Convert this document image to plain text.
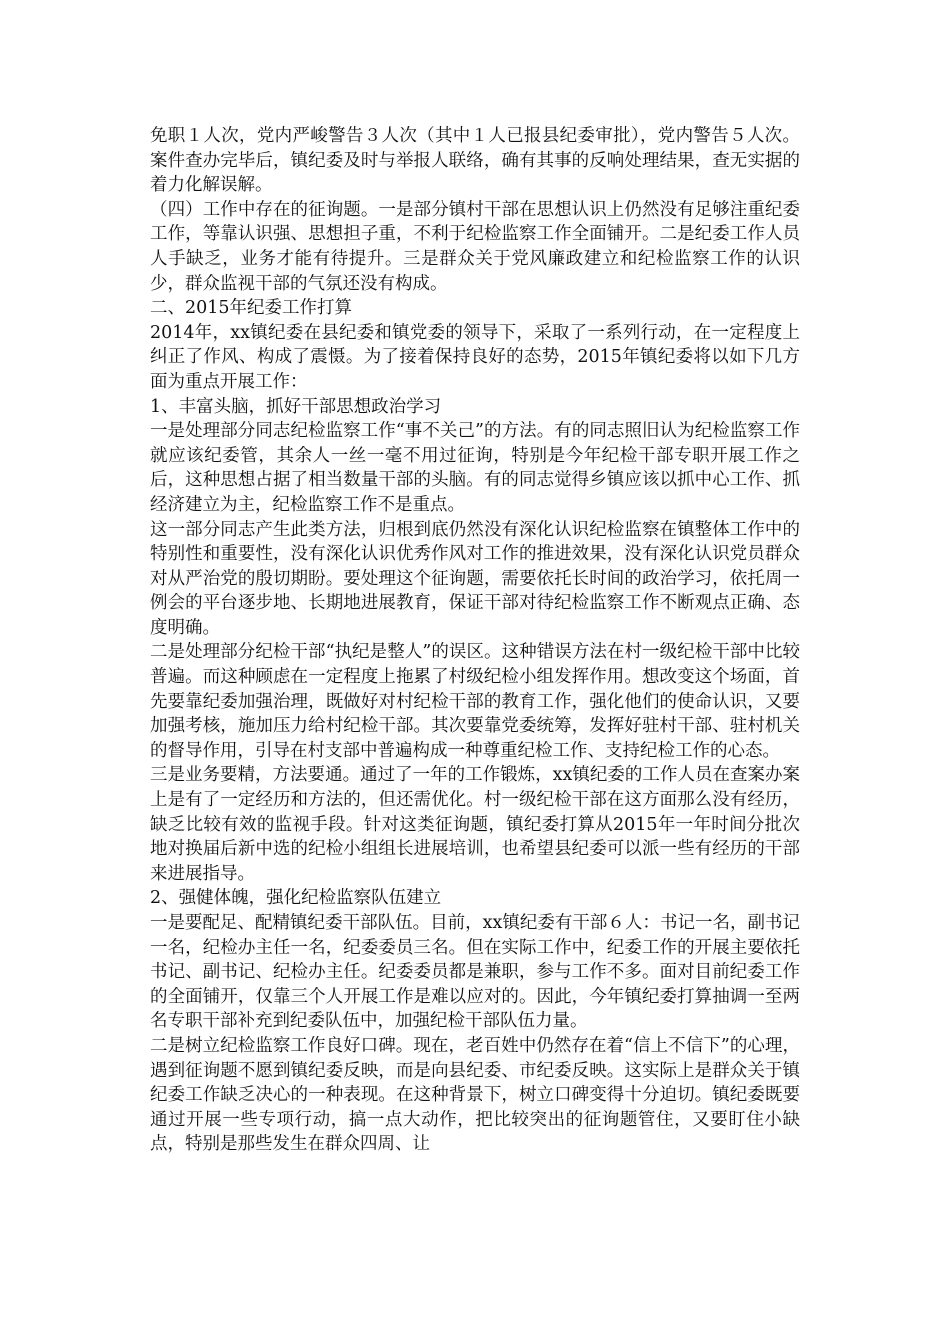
免职１人次，党内严峻警告３人次（其中１人已报县纪委审批），党内警告５人次。案件查办完毕后，镇纪委及时与举报人联络，确有其事的反响处理结果，查无实据的着力化解误解。

（四）工作中存在的征询题。一是部分镇村干部在思想认识上仍然没有足够注重纪委工作，等靠认识强、思想担子重，不利于纪检监察工作全面铺开。二是纪委工作人员人手缺乏，业务才能有待提升。三是群众关于党风廉政建立和纪检监察工作的认识少，群众监视干部的气氛还没有构成。

二、2015年纪委工作打算

2014年，xx镇纪委在县纪委和镇党委的领导下，采取了一系列行动，在一定程度上纠正了作风、构成了震慑。为了接着保持良好的态势，2015年镇纪委将以如下几方面为重点开展工作：

1、丰富头脑，抓好干部思想政治学习

一是处理部分同志纪检监察工作“事不关己”的方法。有的同志照旧认为纪检监察工作就应该纪委管，其余人一丝一毫不用过征询，特别是今年纪检干部专职开展工作之后，这种思想占据了相当数量干部的头脑。有的同志觉得乡镇应该以抓中心工作、抓经济建立为主，纪检监察工作不是重点。

这一部分同志产生此类方法，归根到底仍然没有深化认识纪检监察在镇整体工作中的特别性和重要性，没有深化认识优秀作风对工作的推进效果，没有深化认识党员群众对从严治党的殷切期盼。要处理这个征询题，需要依托长时间的政治学习，依托周一例会的平台逐步地、长期地进展教育，保证干部对待纪检监察工作不断观点正确、态度明确。

二是处理部分纪检干部“执纪是整人”的误区。这种错误方法在村一级纪检干部中比较普遍。而这种顾虑在一定程度上拖累了村级纪检小组发挥作用。想改变这个场面，首先要靠纪委加强治理，既做好对村纪检干部的教育工作，强化他们的使命认识，又要加强考核，施加压力给村纪检干部。其次要靠党委统筹，发挥好驻村干部、驻村机关的督导作用，引导在村支部中普遍构成一种尊重纪检工作、支持纪检工作的心态。

三是业务要精，方法要通。通过了一年的工作锻炼，xx镇纪委的工作人员在查案办案上是有了一定经历和方法的，但还需优化。村一级纪检干部在这方面那么没有经历，缺乏比较有效的监视手段。针对这类征询题，镇纪委打算从2015年一年时间分批次地对换届后新中选的纪检小组组长进展培训，也希望县纪委可以派一些有经历的干部来进展指导。

2、强健体魄，强化纪检监察队伍建立

一是要配足、配精镇纪委干部队伍。目前，xx镇纪委有干部６人：书记一名，副书记一名，纪检办主任一名，纪委委员三名。但在实际工作中，纪委工作的开展主要依托书记、副书记、纪检办主任。纪委委员都是兼职，参与工作不多。面对目前纪委工作的全面铺开，仅靠三个人开展工作是难以应对的。因此，今年镇纪委打算抽调一至两名专职干部补充到纪委队伍中，加强纪检干部队伍力量。

二是树立纪检监察工作良好口碑。现在，老百姓中仍然存在着“信上不信下”的心理，遇到征询题不愿到镇纪委反映，而是向县纪委、市纪委反映。这实际上是群众关于镇纪委工作缺乏决心的一种表现。在这种背景下，树立口碑变得十分迫切。镇纪委既要通过开展一些专项行动，搞一点大动作，把比较突出的征询题管住，又要盯住小缺点，特别是那些发生在群众四周、让
